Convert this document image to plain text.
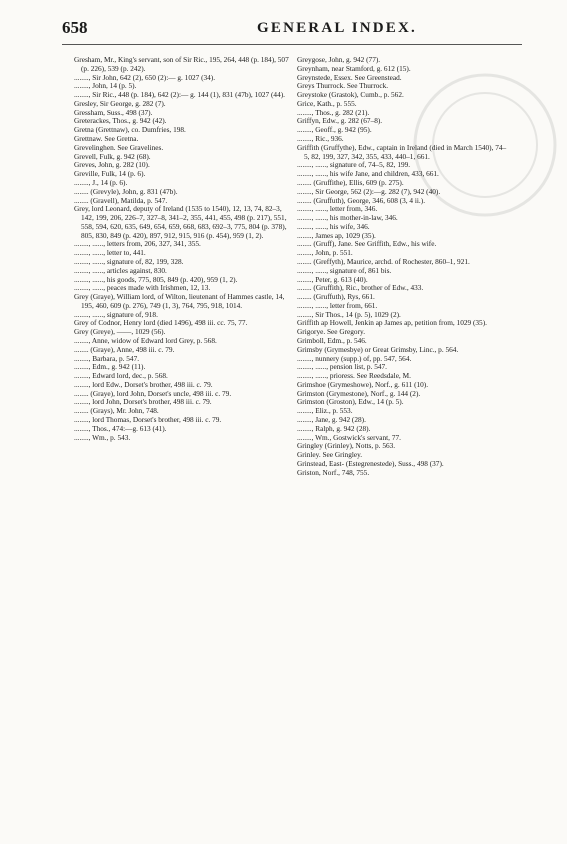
658	GENERAL INDEX.
Gresham, Mr., King's servant, son of Sir Ric., 195, 264, 448 (p. 184), 507 (p. 226), 539 (p. 242).
........, Sir John, 642 (2), 650 (2):— g. 1027 (34).
........, John, 14 (p. 5).
........, Sir Ric., 448 (p. 184), 642 (2):— g. 144 (1), 831 (47b), 1027 (44).
Gresley, Sir George, g. 282 (7).
Gressham, Suss., 498 (37).
Greterackes, Thos., g. 942 (42).
Gretna (Grettnaw), co. Dumfries, 198.
Grettnaw. See Gretna.
Grevelinghen. See Gravelines.
Grevell, Fulk, g. 942 (68).
Greves, John, g. 282 (10).
Greville, Fulk, 14 (p. 6).
........, J., 14 (p. 6).
........ (Grevyle), John, g. 831 (47b).
........ (Gravell), Matilda, p. 547.
Grey, lord Leonard, deputy of Ireland (1535 to 1540), 12, 13, 74, 82–3, 142, 199, 206, 226–7, 327–8, 341–2, 355, 441, 455, 498 (p. 217), 551, 558, 594, 620, 635, 649, 654, 659, 668, 683, 692–3, 775, 804 (p. 378), 805, 830, 849 (p. 420), 897, 912, 915, 916 (p. 454), 959 (1, 2).
........, ......, letters from, 206, 327, 341, 355.
........, ......, letter to, 441.
........, ......, signature of, 82, 199, 328.
........, ......, articles against, 830.
........, ......, his goods, 775, 805, 849 (p. 420), 959 (1, 2).
........, ......, peaces made with Irishmen, 12, 13.
Grey (Graye), William lord, of Wilton, lieutenant of Hammes castle, 14, 195, 460, 609 (p. 276), 749 (1, 3), 764, 795, 918, 1014.
........, ......, signature of, 918.
Grey of Codnor, Henry lord (died 1496), 498 iii. cc. 75, 77.
Grey (Greye), ——, 1029 (56).
........, Anne, widow of Edward lord Grey, p. 568.
........ (Graye), Anne, 498 iii. c. 79.
........, Barbara, p. 547.
........, Edm., g. 942 (11).
........, Edward lord, dec., p. 568.
........, lord Edw., Dorset's brother, 498 iii. c. 79.
........ (Graye), lord John, Dorset's uncle, 498 iii. c. 79.
........, lord John, Dorset's brother, 498 iii. c. 79.
........ (Grays), Mr. John, 748.
........, lord Thomas, Dorset's brother, 498 iii. c. 79.
........, Thos., 474:—g. 613 (41).
........, Wm., p. 543.
Greygose, John, g. 942 (77).
Greynham, near Stamford, g. 612 (15).
Greynstede, Essex. See Greenstead.
Greys Thurrock. See Thurrock.
Greystoke (Grastok), Cumb., p. 562.
Grice, Kath., p. 555.
........, Thos., g. 282 (21).
Griffyn, Edw., g. 282 (67–8).
........, Geoff., g. 942 (95).
........, Ric., 936.
Griffith (Gruffythe), Edw., captain in Ireland (died in March 1540), 74–5, 82, 199, 327, 342, 355, 433, 440–1, 661.
........, ......, signature of, 74–5, 82, 199.
........, ......, his wife Jane, and children, 433, 661.
........ (Gruffithe), Ellis, 609 (p. 275).
........, Sir George, 562 (2):—g. 282 (7), 942 (40).
........ (Gruffuth), George, 346, 608 (3, 4 ii.).
........, ......, letter from, 346.
........, ......, his mother-in-law, 346.
........, ......, his wife, 346.
........, James ap, 1029 (35).
........ (Gruff), Jane. See Griffith, Edw., his wife.
........, John, p. 551.
........ (Greffyth), Maurice, archd. of Rochester, 860–1, 921.
........, ......, signature of, 861 bis.
........, Peter, g. 613 (40).
........ (Gruffith), Ric., brother of Edw., 433.
........ (Gruffuth), Rys, 661.
........, ......, letter from, 661.
........, Sir Thos., 14 (p. 5), 1029 (2).
Griffith ap Howell, Jenkin ap James ap, petition from, 1029 (35).
Grigorye. See Gregory.
Grimboll, Edm., p. 546.
Grimsby (Grymesbye) or Great Grimsby, Linc., p. 564.
........, nunnery (supp.) of, pp. 547, 564.
........, ......, pension list, p. 547.
........, ......, prioress. See Reedsdale, M.
Grimshoe (Grymeshowe), Norf., g. 611 (10).
Grimston (Grymestone), Norf., g. 144 (2).
Grimston (Groston), Edw., 14 (p. 5).
........, Eliz., p. 553.
........, Jane, g. 942 (28).
........, Ralph, g. 942 (28).
........, Wm., Gostwick's servant, 77.
Gringley (Grinley), Notts, p. 563.
Grinley. See Gringley.
Grinstead, East- (Estegrenestede), Suss., 498 (37).
Griston, Norf., 748, 755.
